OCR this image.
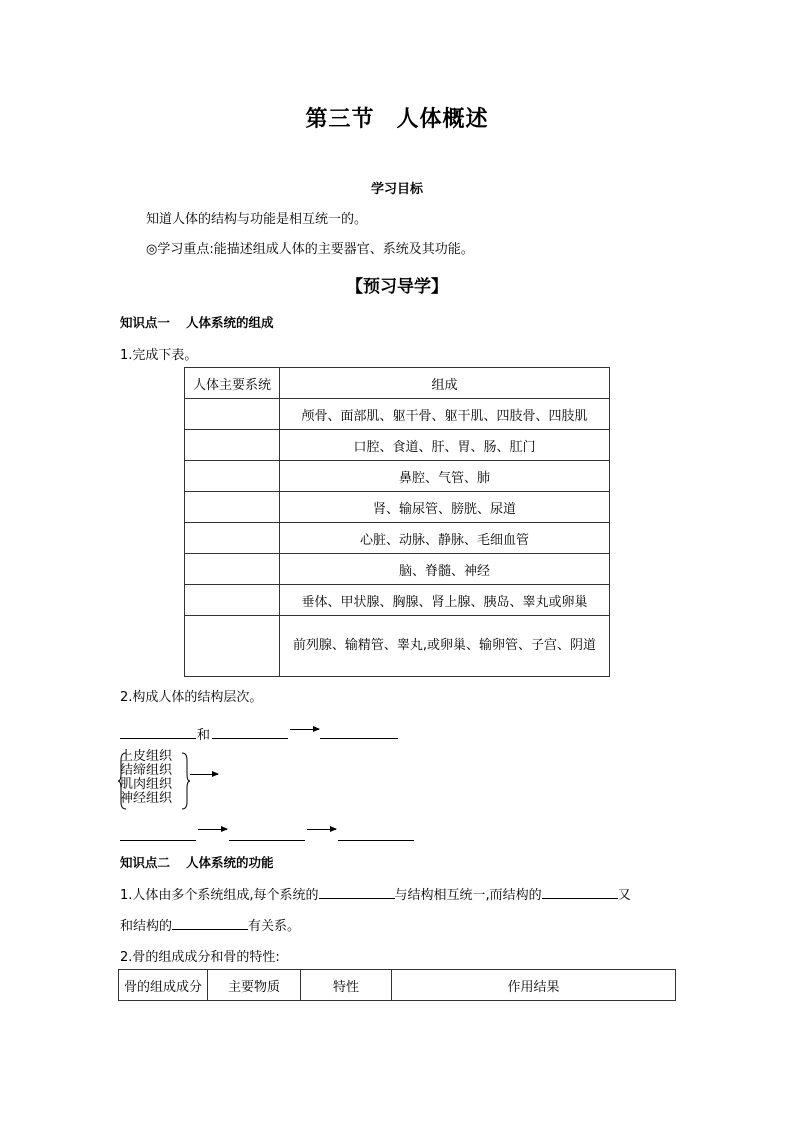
第三节 人体概述
学习目标
知道人体的结构与功能是相互统一的。
◎学习重点:能描述组成人体的主要器官、系统及其功能。
【预习导学】
知识点一 人体系统的组成
1.完成下表。
人体主要系统	组成
	颅骨、面部肌、躯干骨、躯干肌、四肢骨、四肢肌
	口腔、食道、肝、胃、肠、肛门
	鼻腔、气管、肺
	肾、输尿管、膀胱、尿道
	心脏、动脉、静脉、毛细血管
	脑、脊髓、神经
	垂体、甲状腺、胸腺、肾上腺、胰岛、睾丸或卵巢
	前列腺、输精管、睾丸,或卵巢、输卵管、子宫、阴道
2.构成人体的结构层次。
和
上皮组织
结缔组织
肌肉组织
神经组织
知识点二 人体系统的功能
1.人体由多个系统组成,每个系统的	与结构相互统一,而结构的	又
和结构的	有关系。
2.骨的组成成分和骨的特性:
骨的组成成分	主要物质	特性	作用结果
